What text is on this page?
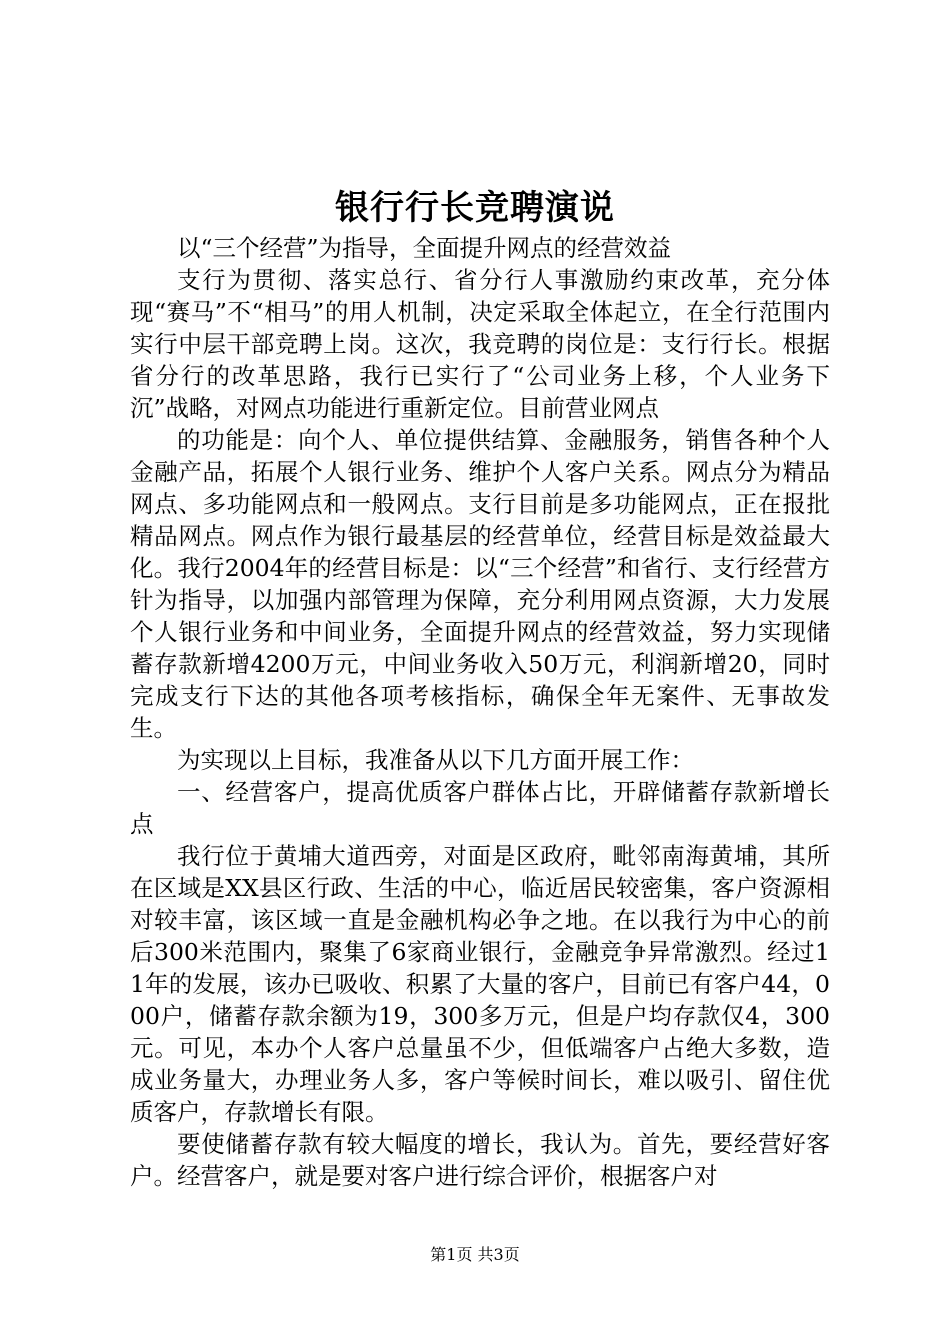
银行行长竞聘演说

以“三个经营”为指导，全面提升网点的经营效益

支行为贯彻、落实总行、省分行人事激励约束改革，充分体现“赛马”不“相马”的用人机制，决定采取全体起立，在全行范围内实行中层干部竞聘上岗。这次，我竞聘的岗位是：支行行长。根据省分行的改革思路，我行已实行了“公司业务上移，个人业务下沉”战略，对网点功能进行重新定位。目前营业网点

的功能是：向个人、单位提供结算、金融服务，销售各种个人金融产品，拓展个人银行业务、维护个人客户关系。网点分为精品网点、多功能网点和一般网点。支行目前是多功能网点，正在报批精品网点。网点作为银行最基层的经营单位，经营目标是效益最大化。我行2004年的经营目标是：以“三个经营”和省行、支行经营方针为指导，以加强内部管理为保障，充分利用网点资源，大力发展个人银行业务和中间业务，全面提升网点的经营效益，努力实现储蓄存款新增4200万元，中间业务收入50万元，利润新增20，同时完成支行下达的其他各项考核指标，确保全年无案件、无事故发生。

为实现以上目标，我准备从以下几方面开展工作：

一、经营客户，提高优质客户群体占比，开辟储蓄存款新增长点

我行位于黄埔大道西旁，对面是区政府，毗邻南海黄埔，其所在区域是XX县区行政、生活的中心，临近居民较密集，客户资源相对较丰富，该区域一直是金融机构必争之地。在以我行为中心的前后300米范围内，聚集了6家商业银行，金融竞争异常激烈。经过11年的发展，该办已吸收、积累了大量的客户，目前已有客户44，000户，储蓄存款余额为19，300多万元，但是户均存款仅4，300元。可见，本办个人客户总量虽不少，但低端客户占绝大多数，造成业务量大，办理业务人多，客户等候时间长，难以吸引、留住优质客户，存款增长有限。

要使储蓄存款有较大幅度的增长，我认为。首先，要经营好客户。经营客户，就是要对客户进行综合评价，根据客户对

第1页 共3页
